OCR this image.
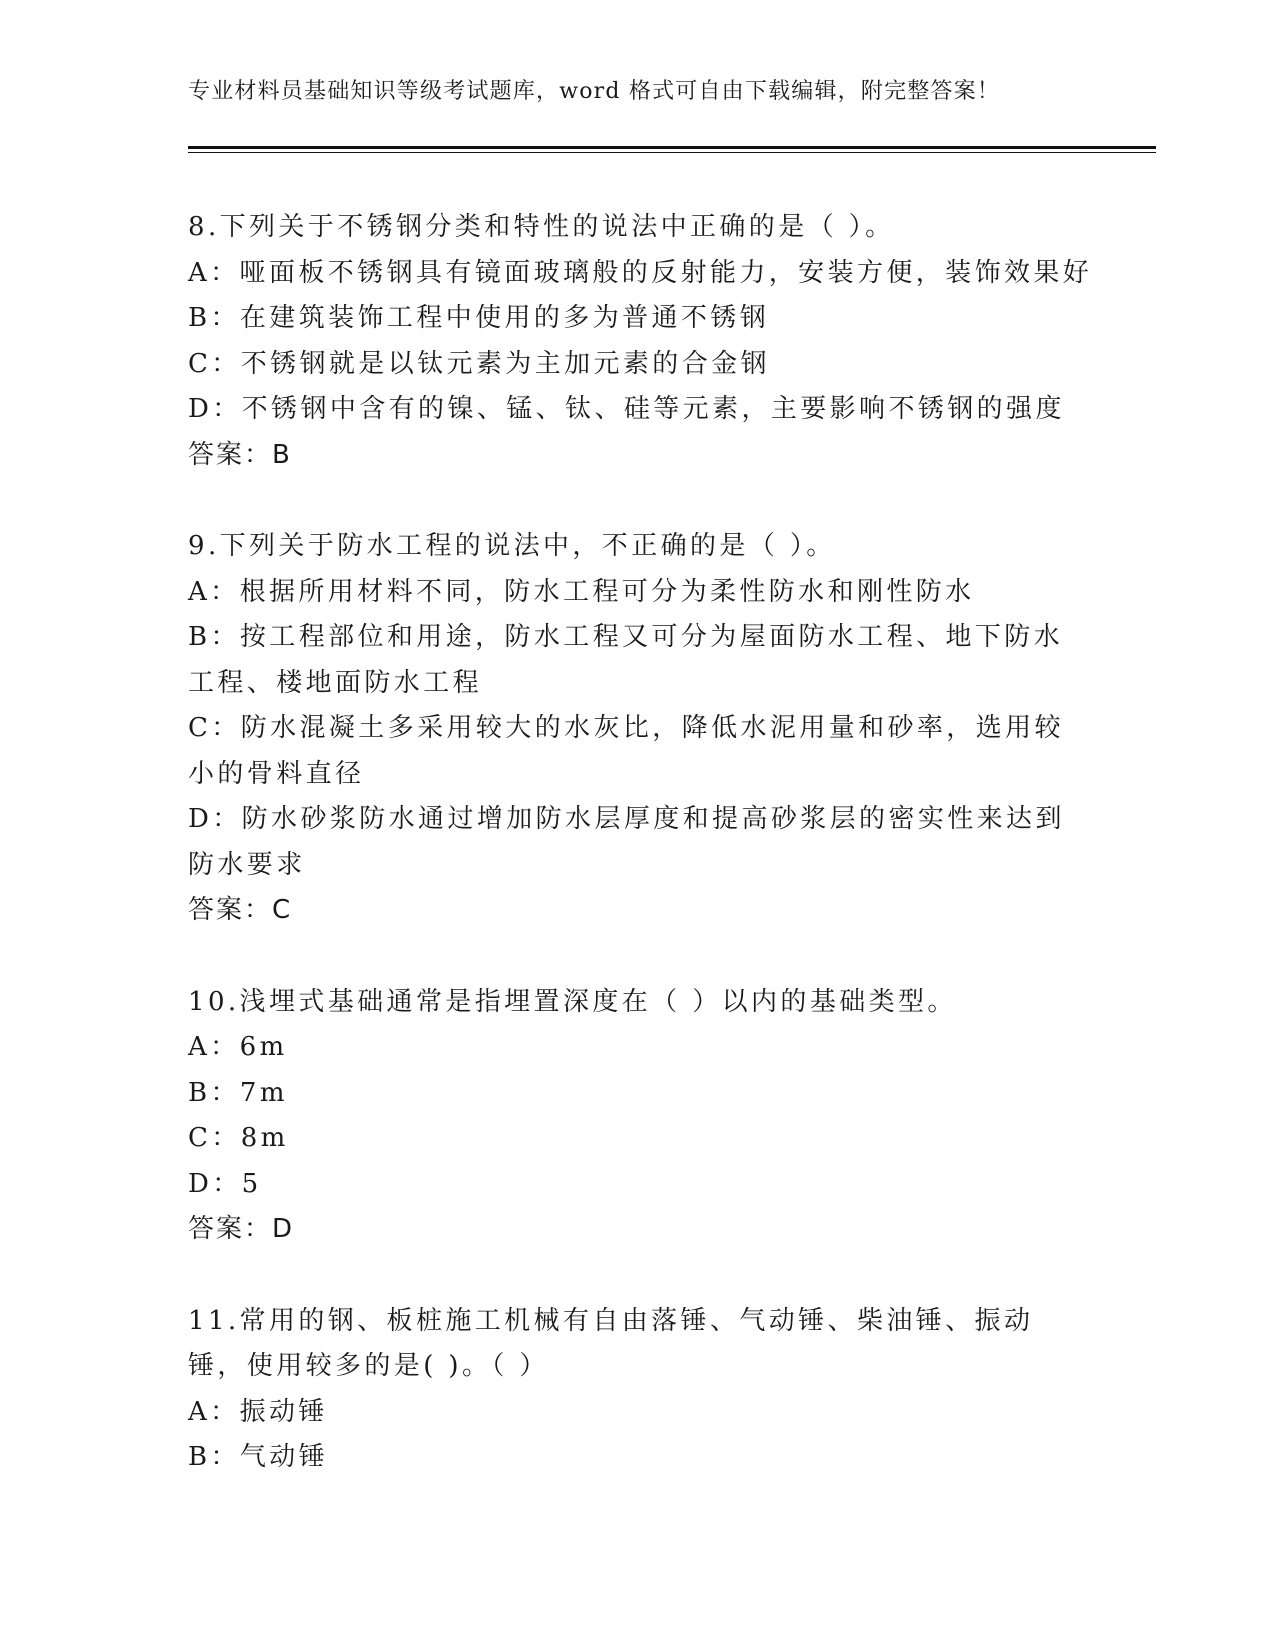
专业材料员基础知识等级考试题库，word 格式可自由下载编辑，附完整答案！
8.下列关于不锈钢分类和特性的说法中正确的是（ ）。
A：哑面板不锈钢具有镜面玻璃般的反射能力，安装方便，装饰效果好
B：在建筑装饰工程中使用的多为普通不锈钢
C：不锈钢就是以钛元素为主加元素的合金钢
D：不锈钢中含有的镍、锰、钛、硅等元素，主要影响不锈钢的强度
答案：B
9.下列关于防水工程的说法中，不正确的是（ ）。
A：根据所用材料不同，防水工程可分为柔性防水和刚性防水
B：按工程部位和用途，防水工程又可分为屋面防水工程、地下防水工程、楼地面防水工程
C：防水混凝土多采用较大的水灰比，降低水泥用量和砂率，选用较小的骨料直径
D：防水砂浆防水通过增加防水层厚度和提高砂浆层的密实性来达到防水要求
答案：C
10.浅埋式基础通常是指埋置深度在（ ）以内的基础类型。
A：6m
B：7m
C：8m
D：5
答案：D
11.常用的钢、板桩施工机械有自由落锤、气动锤、柴油锤、振动锤，使用较多的是( )。（ ）
A：振动锤
B：气动锤
